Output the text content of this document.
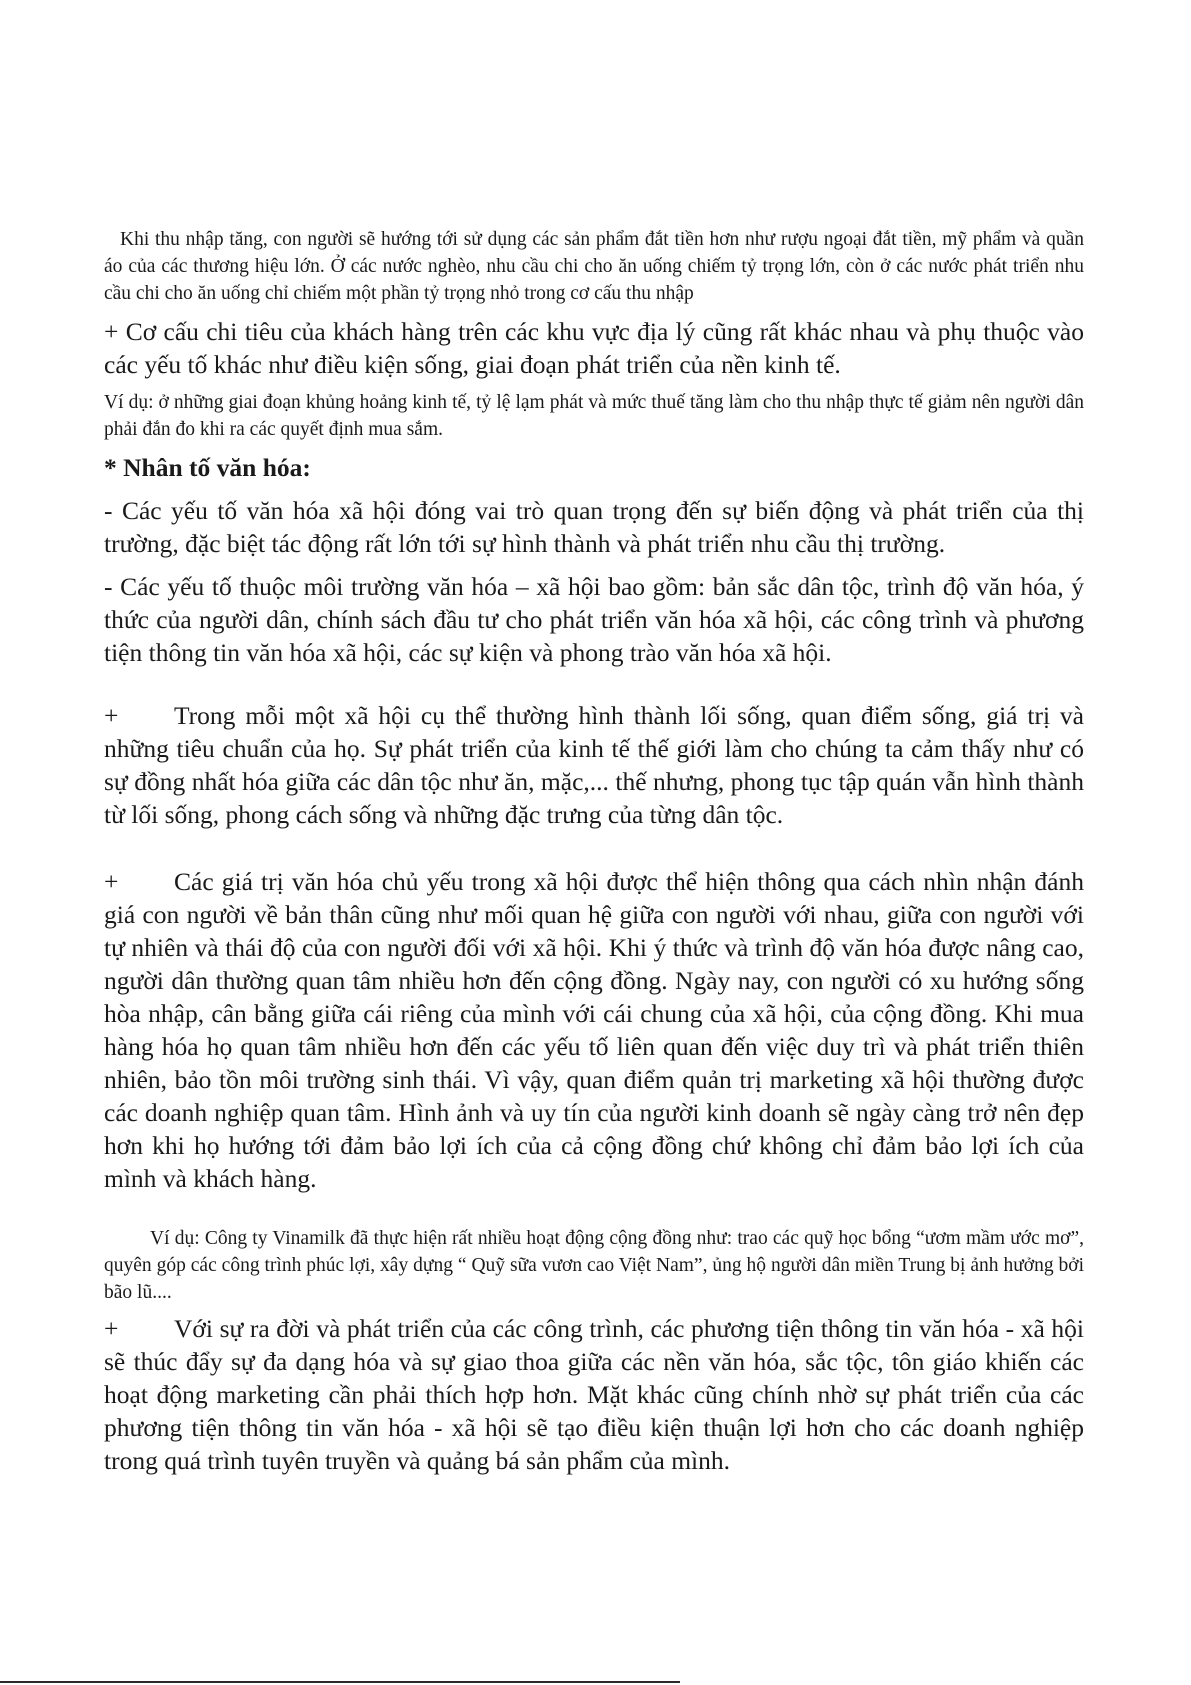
Khi thu nhập tăng, con người sẽ hướng tới sử dụng các sản phẩm đắt tiền hơn như rượu ngoại đắt tiền, mỹ phẩm và quần áo của các thương hiệu lớn. Ở các nước nghèo, nhu cầu chi cho ăn uống chiếm tỷ trọng lớn, còn ở các nước phát triển nhu cầu chi cho ăn uống chỉ chiếm một phần tỷ trọng nhỏ trong cơ cấu thu nhập

+ Cơ cấu chi tiêu của khách hàng trên các khu vực địa lý cũng rất khác nhau và phụ thuộc vào các yếu tố khác như điều kiện sống, giai đoạn phát triển của nền kinh tế.

Ví dụ: ở những giai đoạn khủng hoảng kinh tế, tỷ lệ lạm phát và mức thuế tăng làm cho thu nhập thực tế giảm nên người dân phải đắn đo khi ra các quyết định mua sắm.

* Nhân tố văn hóa:

- Các yếu tố văn hóa xã hội đóng vai trò quan trọng đến sự biến động và phát triển của thị trường, đặc biệt tác động rất lớn tới sự hình thành và phát triển nhu cầu thị trường.

- Các yếu tố thuộc môi trường văn hóa – xã hội bao gồm: bản sắc dân tộc, trình độ văn hóa, ý thức của người dân, chính sách đầu tư cho phát triển văn hóa xã hội, các công trình và phương tiện thông tin văn hóa xã hội, các sự kiện và phong trào văn hóa xã hội.

+ Trong mỗi một xã hội cụ thể thường hình thành lối sống, quan điểm sống, giá trị và những tiêu chuẩn của họ. Sự phát triển của kinh tế thế giới làm cho chúng ta cảm thấy như có sự đồng nhất hóa giữa các dân tộc như ăn, mặc,... thế nhưng, phong tục tập quán vẫn hình thành từ lối sống, phong cách sống và những đặc trưng của từng dân tộc.

+ Các giá trị văn hóa chủ yếu trong xã hội được thể hiện thông qua cách nhìn nhận đánh giá con người về bản thân cũng như mối quan hệ giữa con người với nhau, giữa con người với tự nhiên và thái độ của con người đối với xã hội. Khi ý thức và trình độ văn hóa được nâng cao, người dân thường quan tâm nhiều hơn đến cộng đồng. Ngày nay, con người có xu hướng sống hòa nhập, cân bằng giữa cái riêng của mình với cái chung của xã hội, của cộng đồng. Khi mua hàng hóa họ quan tâm nhiều hơn đến các yếu tố liên quan đến việc duy trì và phát triển thiên nhiên, bảo tồn môi trường sinh thái. Vì vậy, quan điểm quản trị marketing xã hội thường được các doanh nghiệp quan tâm. Hình ảnh và uy tín của người kinh doanh sẽ ngày càng trở nên đẹp hơn khi họ hướng tới đảm bảo lợi ích của cả cộng đồng chứ không chỉ đảm bảo lợi ích của mình và khách hàng.

Ví dụ: Công ty Vinamilk đã thực hiện rất nhiều hoạt động cộng đồng như: trao các quỹ học bổng “ươm mầm ước mơ”, quyên góp các công trình phúc lợi, xây dựng “ Quỹ sữa vươn cao Việt Nam”, ủng hộ người dân miền Trung bị ảnh hưởng bởi bão lũ....

+ Với sự ra đời và phát triển của các công trình, các phương tiện thông tin văn hóa - xã hội sẽ thúc đẩy sự đa dạng hóa và sự giao thoa giữa các nền văn hóa, sắc tộc, tôn giáo khiến các hoạt động marketing cần phải thích hợp hơn. Mặt khác cũng chính nhờ sự phát triển của các phương tiện thông tin văn hóa - xã hội sẽ tạo điều kiện thuận lợi hơn cho các doanh nghiệp trong quá trình tuyên truyền và quảng bá sản phẩm của mình.
